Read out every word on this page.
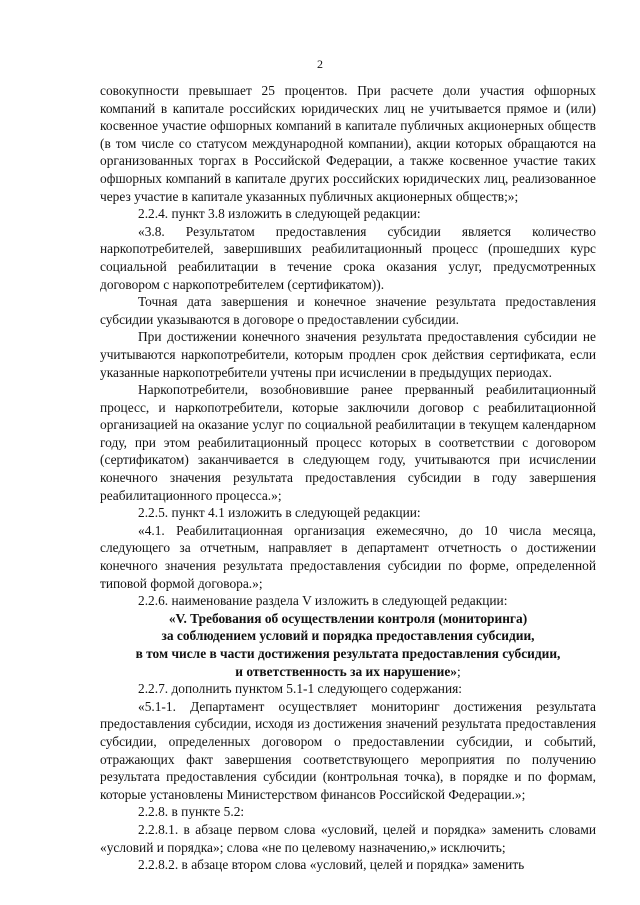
2

совокупности превышает 25 процентов. При расчете доли участия офшорных компаний в капитале российских юридических лиц не учитывается прямое и (или) косвенное участие офшорных компаний в капитале публичных акционерных обществ (в том числе со статусом международной компании), акции которых обращаются на организованных торгах в Российской Федерации, а также косвенное участие таких офшорных компаний в капитале других российских юридических лиц, реализованное через участие в капитале указанных публичных акционерных обществ;»;

2.2.4. пункт 3.8 изложить в следующей редакции:

«3.8. Результатом предоставления субсидии является количество наркопотребителей, завершивших реабилитационный процесс (прошедших курс социальной реабилитации в течение срока оказания услуг, предусмотренных договором с наркопотребителем (сертификатом)).

Точная дата завершения и конечное значение результата предоставления субсидии указываются в договоре о предоставлении субсидии.

При достижении конечного значения результата предоставления субсидии не учитываются наркопотребители, которым продлен срок действия сертификата, если указанные наркопотребители учтены при исчислении в предыдущих периодах.

Наркопотребители, возобновившие ранее прерванный реабилитационный процесс, и наркопотребители, которые заключили договор с реабилитационной организацией на оказание услуг по социальной реабилитации в текущем календарном году, при этом реабилитационный процесс которых в соответствии с договором (сертификатом) заканчивается в следующем году, учитываются при исчислении конечного значения результата предоставления субсидии в году завершения реабилитационного процесса.»;

2.2.5. пункт 4.1 изложить в следующей редакции:

«4.1. Реабилитационная организация ежемесячно, до 10 числа месяца, следующего за отчетным, направляет в департамент отчетность о достижении конечного значения результата предоставления субсидии по форме, определенной типовой формой договора.»;

2.2.6. наименование раздела V изложить в следующей редакции:

«V. Требования об осуществлении контроля (мониторинга)
за соблюдением условий и порядка предоставления субсидии,
в том числе в части достижения результата предоставления субсидии,
и ответственность за их нарушение»;

2.2.7. дополнить пунктом 5.1-1 следующего содержания:

«5.1-1. Департамент осуществляет мониторинг достижения результата предоставления субсидии, исходя из достижения значений результата предоставления субсидии, определенных договором о предоставлении субсидии, и событий, отражающих факт завершения соответствующего мероприятия по получению результата предоставления субсидии (контрольная точка), в порядке и по формам, которые установлены Министерством финансов Российской Федерации.»;

2.2.8. в пункте 5.2:

2.2.8.1. в абзаце первом слова «условий, целей и порядка» заменить словами «условий и порядка»; слова «не по целевому назначению,» исключить;

2.2.8.2. в абзаце втором слова «условий, целей и порядка» заменить
